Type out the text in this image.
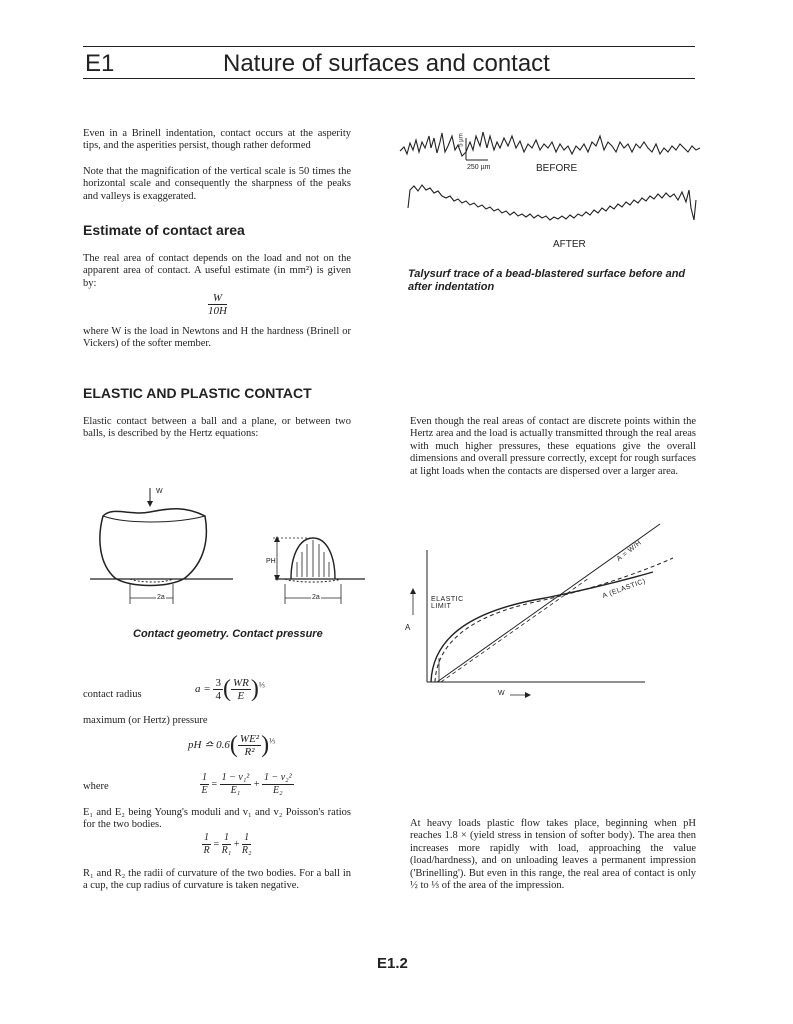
E1	Nature of surfaces and contact
Even in a Brinell indentation, contact occurs at the asperity tips, and the asperities persist, though rather deformed
Note that the magnification of the vertical scale is 50 times the horizontal scale and consequently the sharpness of the peaks and valleys is exaggerated.
Estimate of contact area
The real area of contact depends on the load and not on the apparent area of contact. A useful estimate (in mm²) is given by:
$\frac{W}{10H}$
where W is the load in Newtons and H the hardness (Brinell or Vickers) of the softer member.
5 µm
250 µm	BEFORE
AFTER
Talysurf trace of a bead-blastered surface before and after indentation
ELASTIC AND PLASTIC CONTACT
Elastic contact between a ball and a plane, or between two balls, is described by the Hertz equations:
Even though the real areas of contact are discrete points within the Hertz area and the load is actually transmitted through the real areas with much higher pressures, these equations give the overall dimensions and overall pressure correctly, except for rough surfaces at light loads when the contacts are dispersed over a larger area.
W
2a	2a
PH
Contact geometry. Contact pressure
A
W
ELASTIC
LIMIT
A = W/H
A (ELASTIC)
contact radius	$a = \frac{3}{4}$ ( $\frac{WR}{E} )^{\frac{1}{3}}$
maximum (or Hertz) pressure
pH ≏ $0.6( \frac{\text{WE²}}{\text{R²}} )^{\frac{1}{3}}$
where	$\frac{1}{E} = \frac{\text{1 − v₁²}}{\text{E₁}} + \frac{\text{1 − v₂²}}{\text{E₂}}$
E₁ and E₂ being Young's moduli and v₁ and v₂ Poisson's ratios for the two bodies.
$\frac{1}{R} = \frac{1}{\text{R₁}} + \frac{1}{\text{R₂}}$
R₁ and R₂ the radii of curvature of the two bodies. For a ball in a cup, the cup radius of curvature is taken negative.
At heavy loads plastic flow takes place, beginning when pH reaches 1.8 × (yield stress in tension of softer body). The area then increases more rapidly with load, approaching the value (load/hardness), and on unloading leaves a permanent impression ('Brinelling'). But even in this range, the real area of contact is only ½ to ⅓ of the area of the impression.
E1.2
